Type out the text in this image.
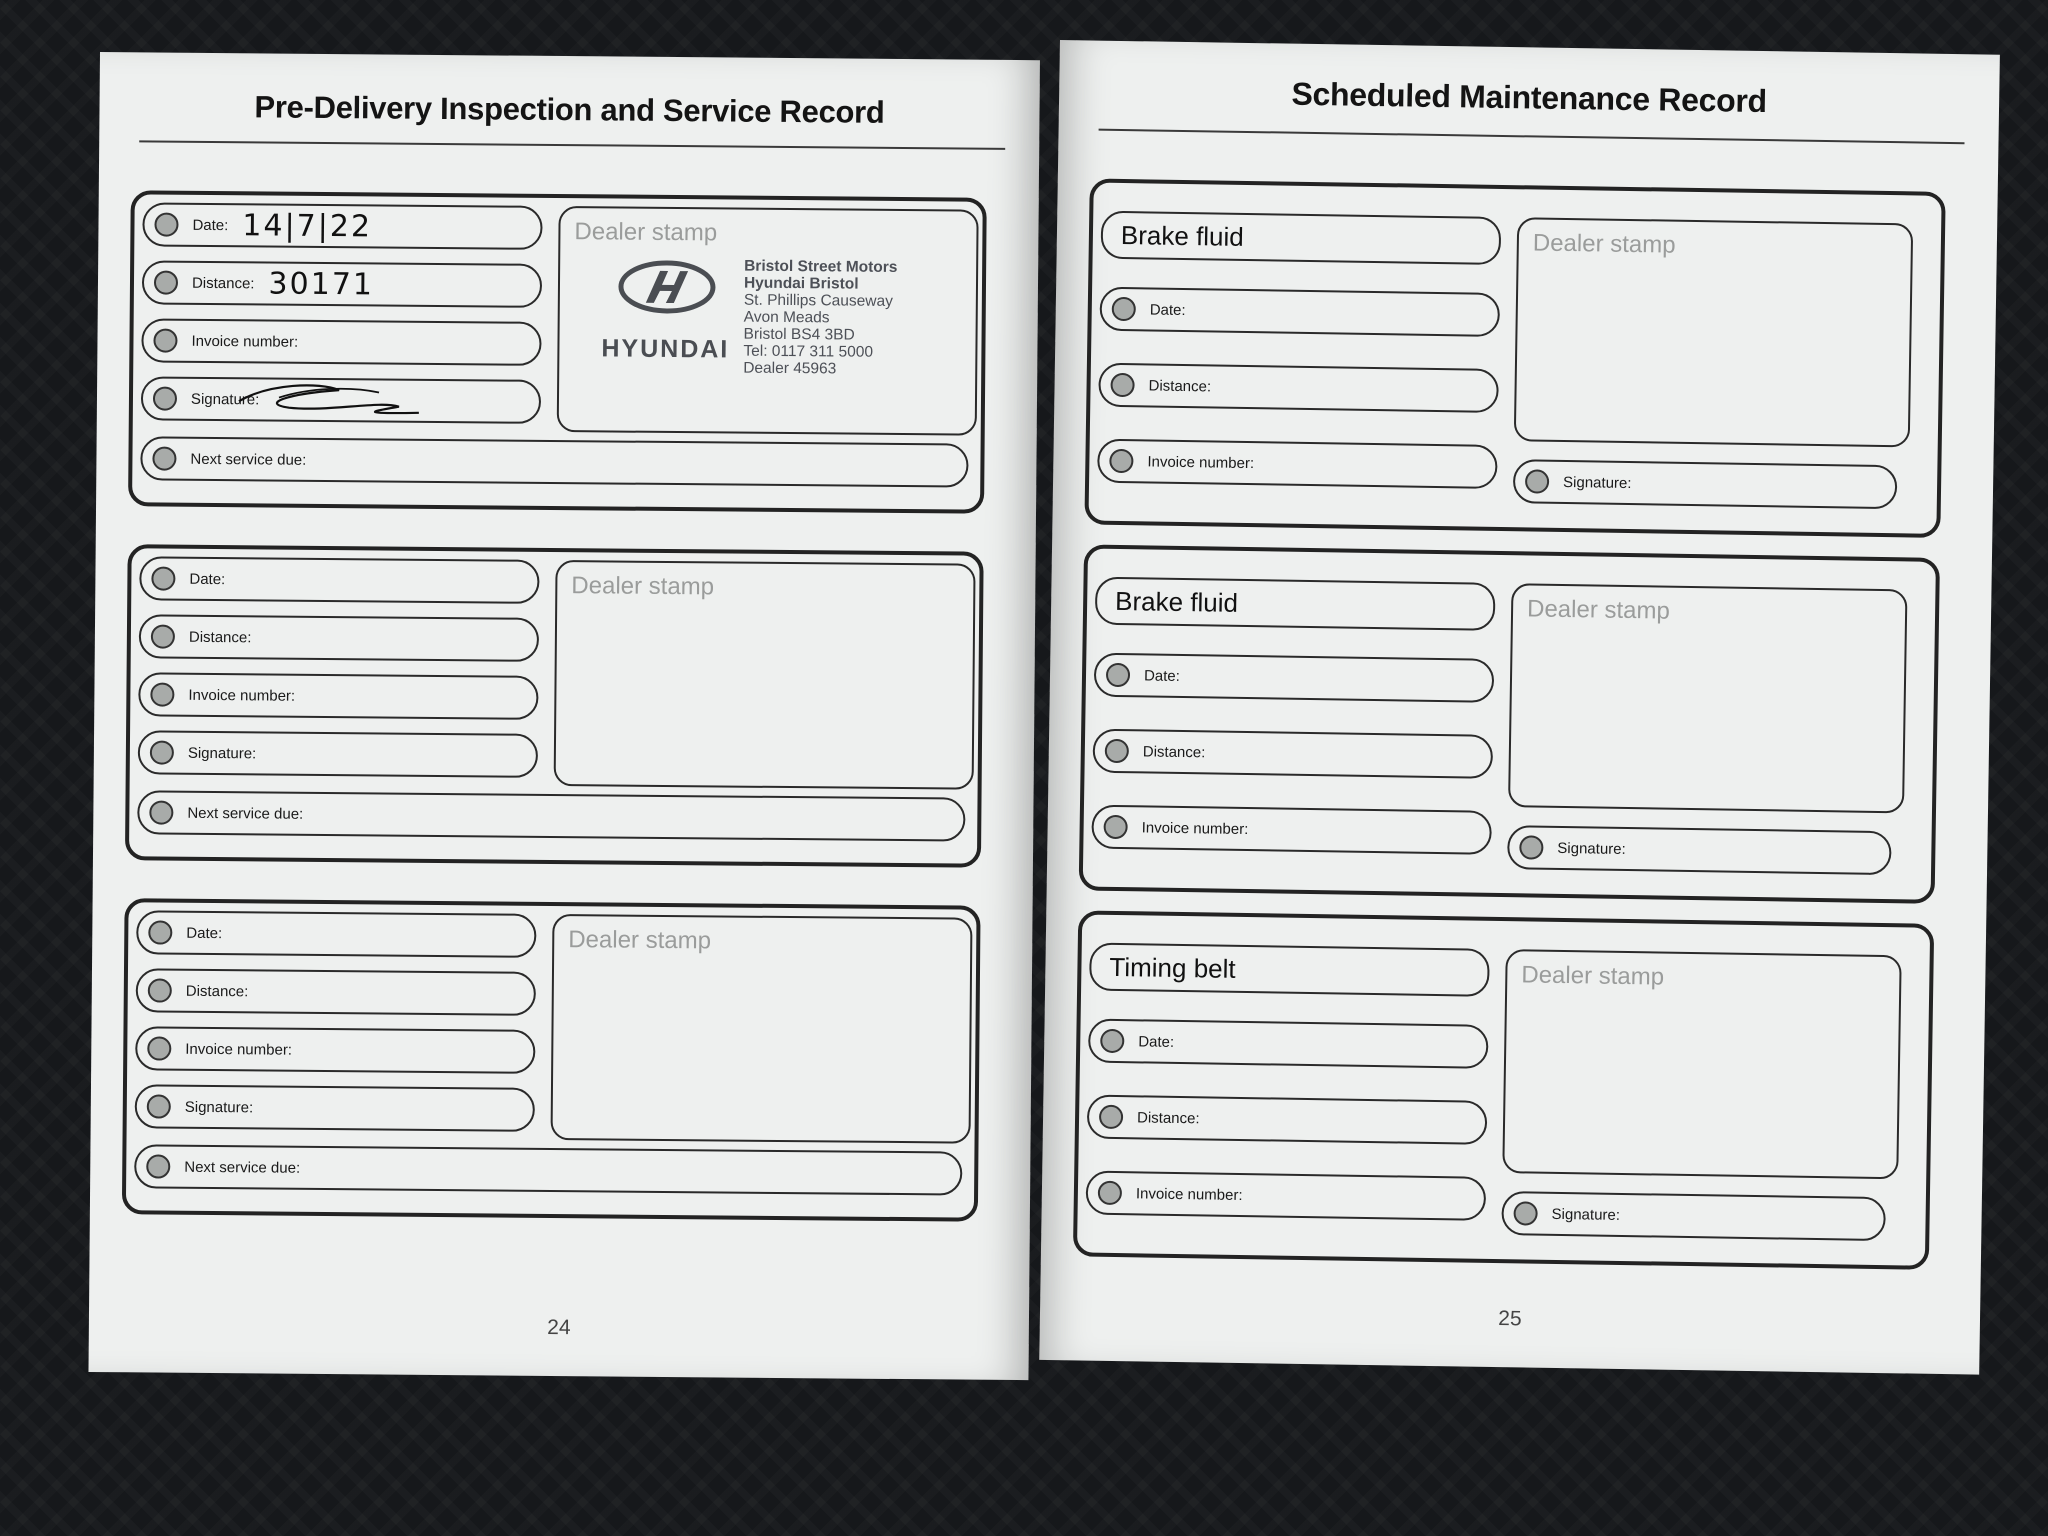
Pre-Delivery Inspection and Service Record
Date: 14|7|22
Distance: 30171
Invoice number:
Signature:
Next service due:
Dealer stamp
HYUNDAI
Bristol Street Motors
Hyundai Bristol
St. Phillips Causeway
Avon Meads
Bristol BS4 3BD
Tel: 0117 311 5000
Dealer 45963
Date:
Distance:
Invoice number:
Signature:
Next service due:
Dealer stamp
Date:
Distance:
Invoice number:
Signature:
Next service due:
Dealer stamp
24
Scheduled Maintenance Record
Brake fluid
Date:
Distance:
Invoice number:
Dealer stamp
Signature:
Brake fluid
Date:
Distance:
Invoice number:
Dealer stamp
Signature:
Timing belt
Date:
Distance:
Invoice number:
Dealer stamp
Signature:
25
